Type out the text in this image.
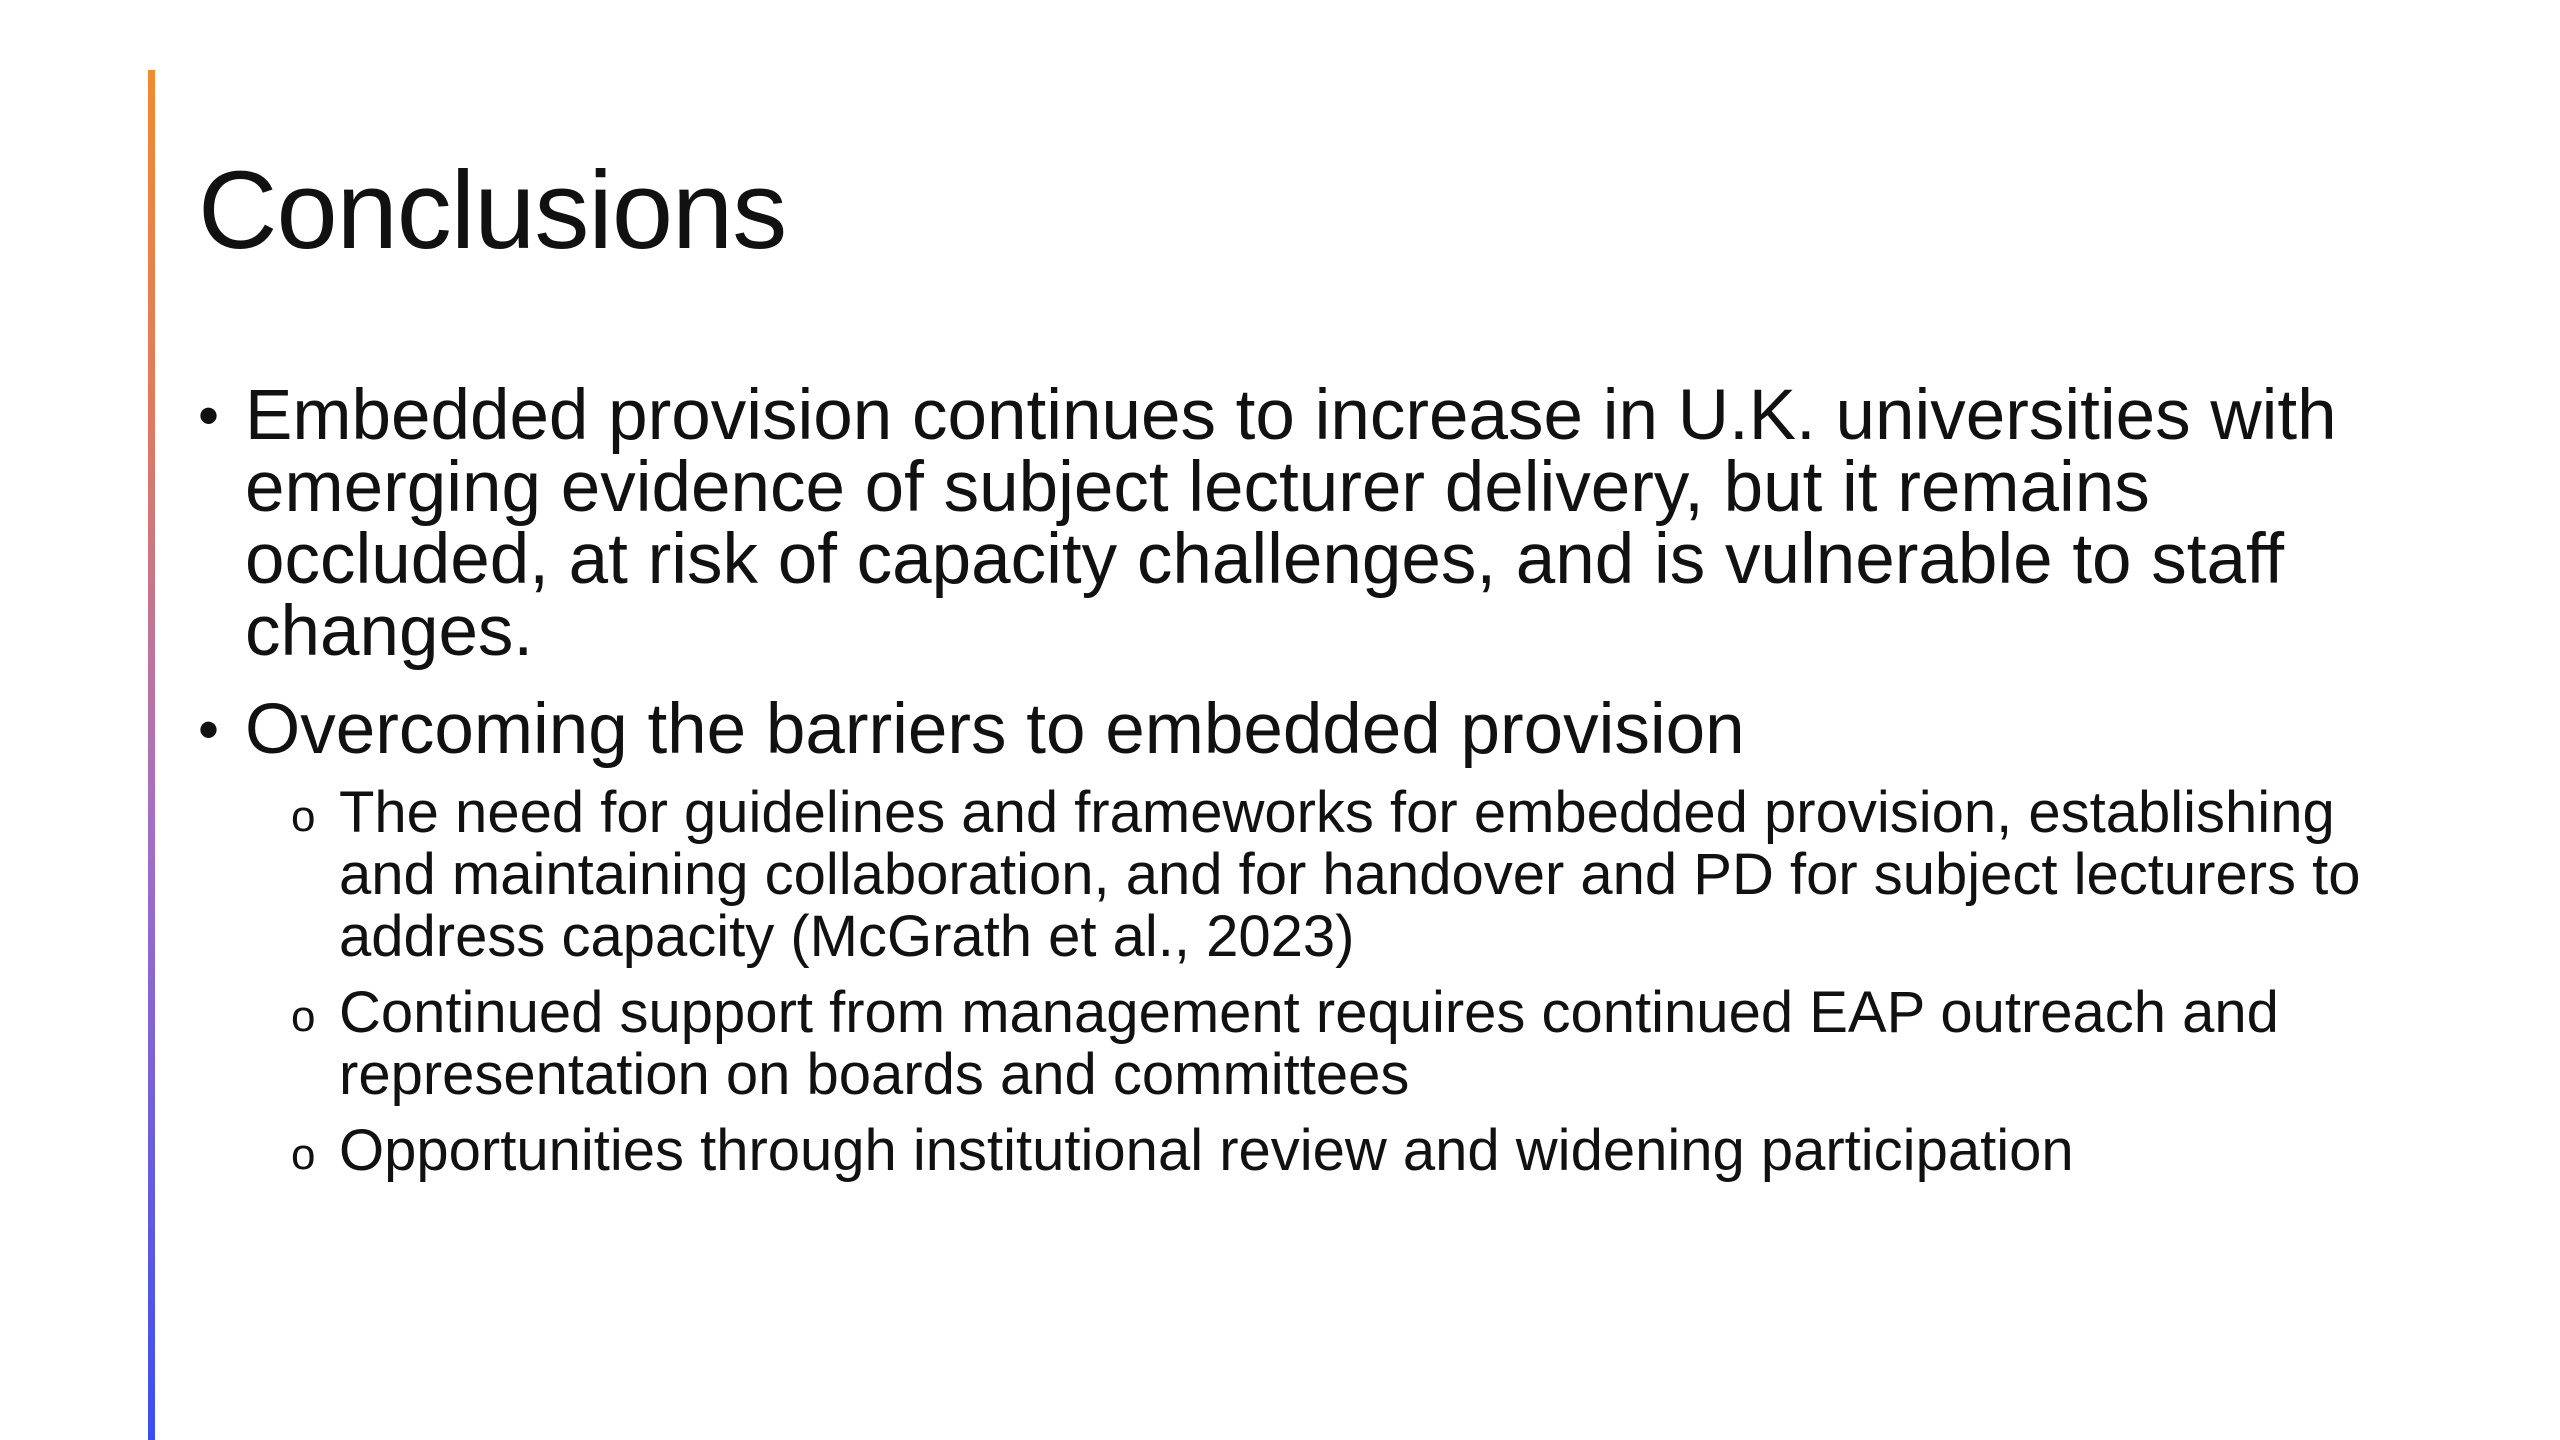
Conclusions
• Embedded provision continues to increase in U.K. universities with emerging evidence of subject lecturer delivery, but it remains occluded, at risk of capacity challenges, and is vulnerable to staff changes.
• Overcoming the barriers to embedded provision
o The need for guidelines and frameworks for embedded provision, establishing and maintaining collaboration, and for handover and PD for subject lecturers to address capacity (McGrath et al., 2023)
o Continued support from management requires continued EAP outreach and representation on boards and committees
o Opportunities through institutional review and widening participation
